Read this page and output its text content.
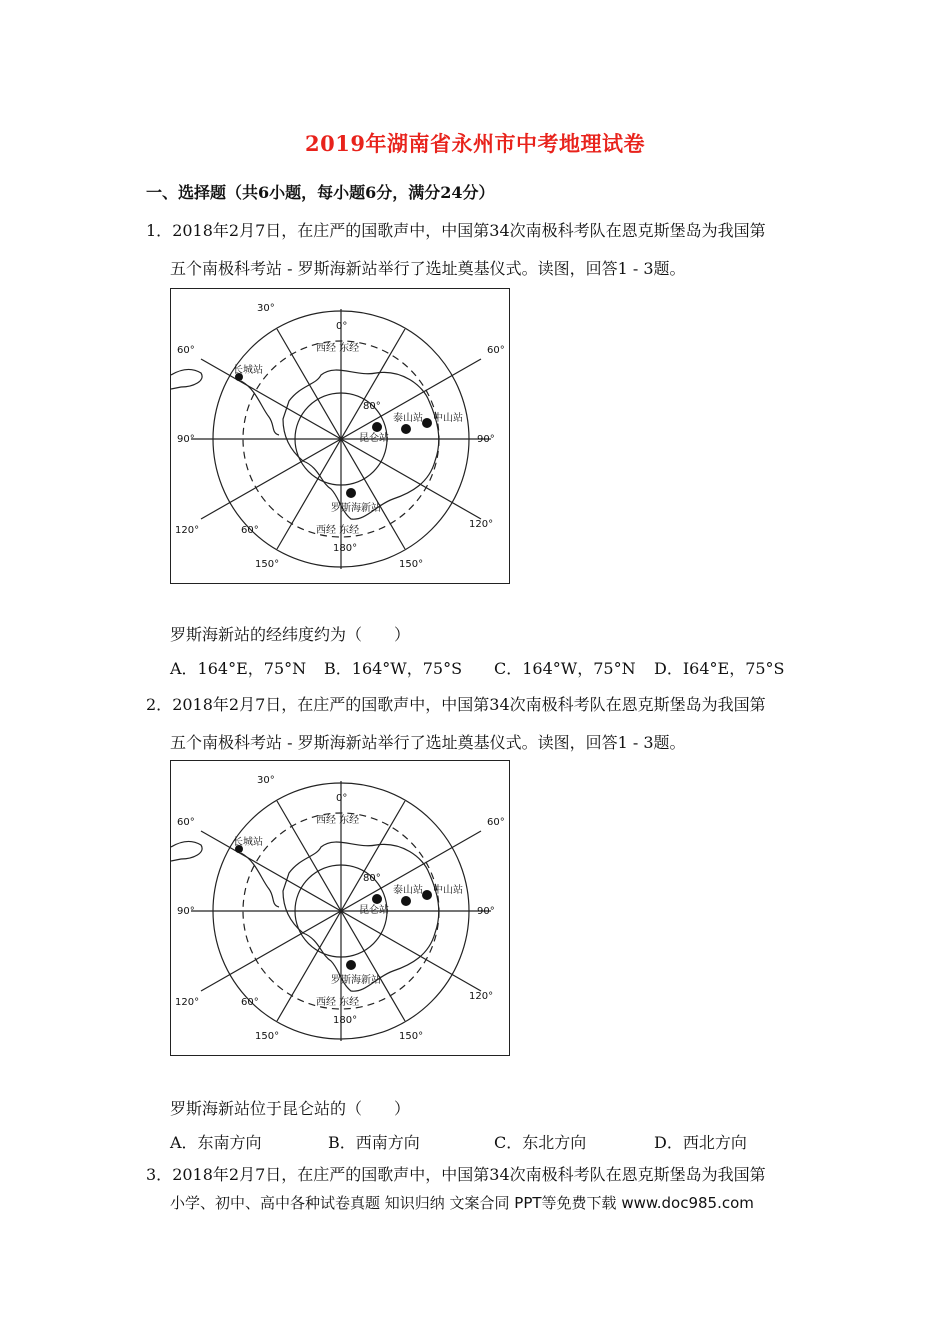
2019年湖南省永州市中考地理试卷
一、选择题（共6小题，每小题6分，满分24分）
1．2018年2月7日，在庄严的国歌声中，中国第34次南极科考队在恩克斯堡岛为我国第
五个南极科考站 - 罗斯海新站举行了选址奠基仪式。读图，回答1 - 3题。
0°
30°
60°	60°
90°	90°
120°
120°
150°	150°
180°
80°
60°
西经 东经
西经 东经
长城站
泰山站 中山站
昆仑站
罗斯海新站
罗斯海新站的经纬度约为（　　）
A．164°E，75°N B．164°W，75°S C．164°W，75°N D．I64°E，75°S
2．2018年2月7日，在庄严的国歌声中，中国第34次南极科考队在恩克斯堡岛为我国第
五个南极科考站 - 罗斯海新站举行了选址奠基仪式。读图，回答1 - 3题。
0°
30°
60°	60°
90°	90°
120°
120°
150°	150°
180°
80°
60°
西经 东经
西经 东经
长城站
泰山站 中山站
昆仑站
罗斯海新站
罗斯海新站位于昆仑站的（　　）
A．东南方向	B．西南方向	C．东北方向	D．西北方向
3．2018年2月7日，在庄严的国歌声中，中国第34次南极科考队在恩克斯堡岛为我国第
小学、初中、高中各种试卷真题 知识归纳 文案合同 PPT等免费下载 www.doc985.com
